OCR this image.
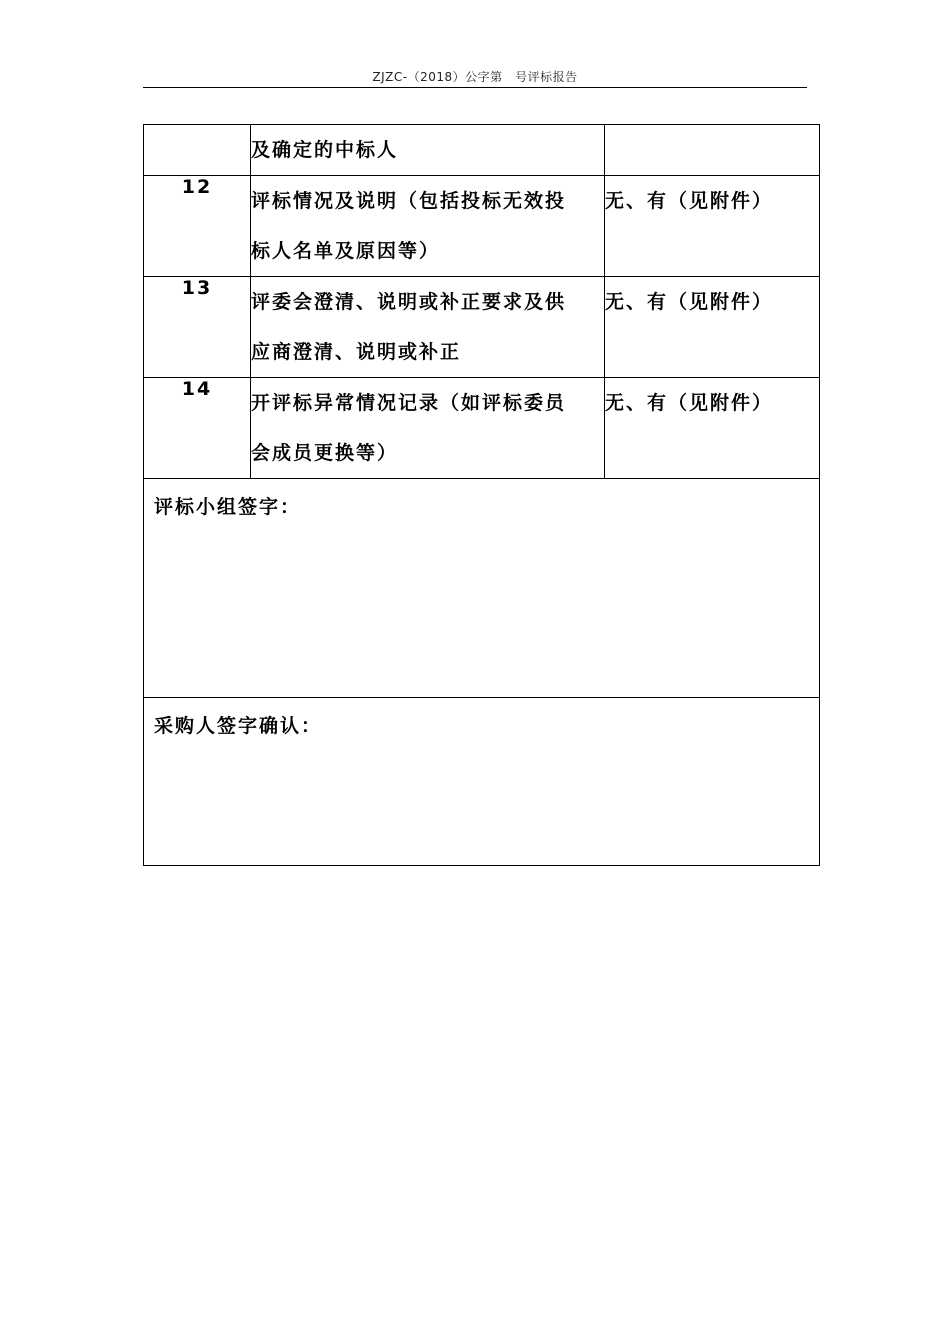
ZJZC-（2018）公字第　号评标报告
	及确定的中标人	
12	评标情况及说明（包括投标无效投
标人名单及原因等）	无、有（见附件）
13	评委会澄清、说明或补正要求及供
应商澄清、说明或补正	无、有（见附件）
14	开评标异常情况记录（如评标委员
会成员更换等）	无、有（见附件）
评标小组签字：		
采购人签字确认：		
